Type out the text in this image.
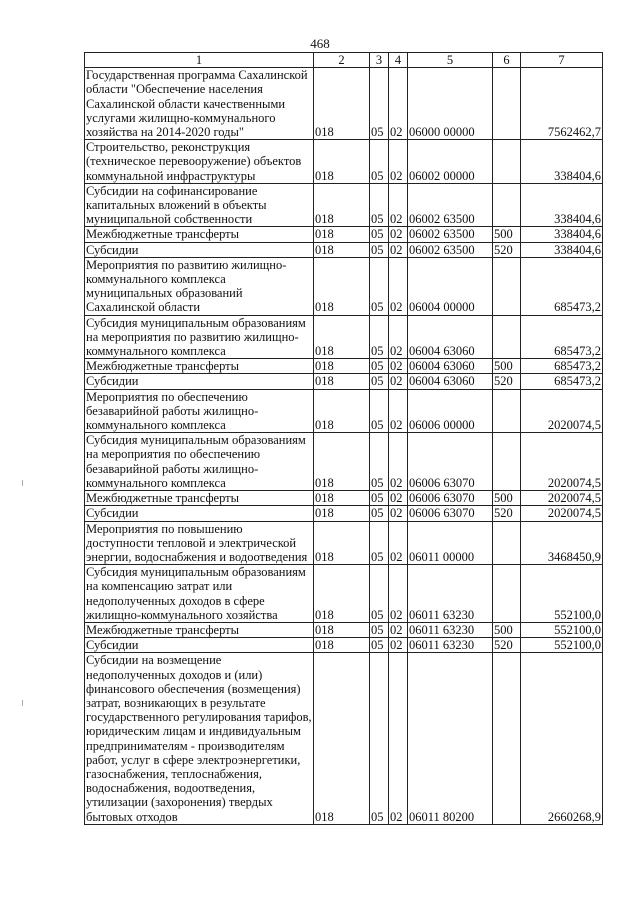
468
1	2	3	4	5	6	7
Государственная программа Сахалинской области "Обеспечение населения Сахалинской области качественными услугами жилищно-коммунального хозяйства на 2014-2020 годы"	018	05	02	06000 00000		7562462,7
Строительство, реконструкция (техническое перевооружение) объектов коммунальной инфраструктуры	018	05	02	06002 00000		338404,6
Субсидии на софинансирование капитальных вложений в объекты муниципальной собственности	018	05	02	06002 63500		338404,6
Межбюджетные трансферты	018	05	02	06002 63500	500	338404,6
Субсидии	018	05	02	06002 63500	520	338404,6
Мероприятия по развитию жилищно-коммунального комплекса муниципальных образований Сахалинской области	018	05	02	06004 00000		685473,2
Субсидия муниципальным образованиям на мероприятия по развитию жилищно-коммунального комплекса	018	05	02	06004 63060		685473,2
Межбюджетные трансферты	018	05	02	06004 63060	500	685473,2
Субсидии	018	05	02	06004 63060	520	685473,2
Мероприятия по обеспечению безаварийной работы жилищно-коммунального комплекса	018	05	02	06006 00000		2020074,5
Субсидия муниципальным образованиям на мероприятия по обеспечению безаварийной работы жилищно-коммунального комплекса	018	05	02	06006 63070		2020074,5
Межбюджетные трансферты	018	05	02	06006 63070	500	2020074,5
Субсидии	018	05	02	06006 63070	520	2020074,5
Мероприятия по повышению доступности тепловой и электрической энергии, водоснабжения и водоотведения	018	05	02	06011 00000		3468450,9
Субсидия муниципальным образованиям на компенсацию затрат или недополученных доходов в сфере жилищно-коммунального хозяйства	018	05	02	06011 63230		552100,0
Межбюджетные трансферты	018	05	02	06011 63230	500	552100,0
Субсидии	018	05	02	06011 63230	520	552100,0
Субсидии на возмещение недополученных доходов и (или) финансового обеспечения (возмещения) затрат, возникающих в результате государственного регулирования тарифов, юридическим лицам и индивидуальным предпринимателям - производителям работ, услуг в сфере электроэнергетики, газоснабжения, теплоснабжения, водоснабжения, водоотведения, утилизации (захоронения) твердых бытовых отходов	018	05	02	06011 80200		2660268,9
